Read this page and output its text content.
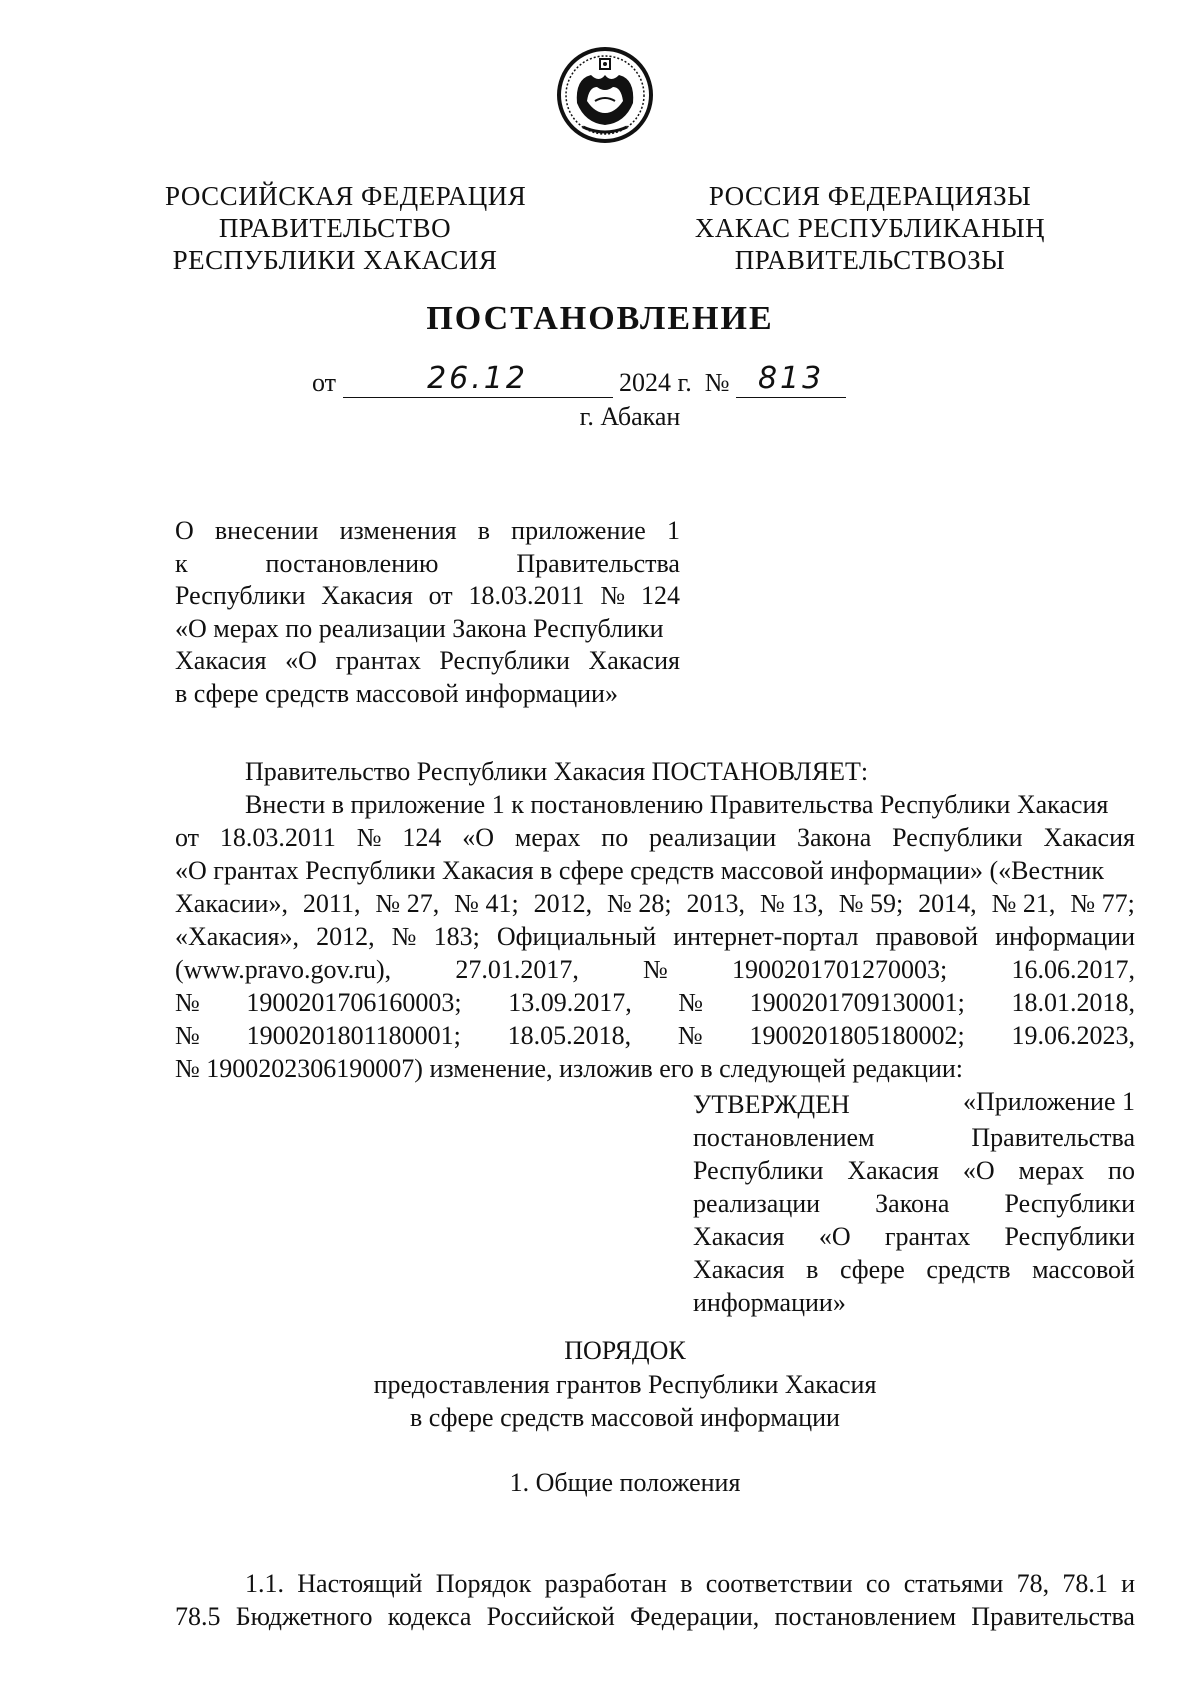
РОССИЙСКАЯ ФЕДЕРАЦИЯ
ПРАВИТЕЛЬСТВО
РЕСПУБЛИКИ ХАКАСИЯ
РОССИЯ ФЕДЕРАЦИЯЗЫ
ХАКАС РЕСПУБЛИКАНЫҢ
ПРАВИТЕЛЬСТВОЗЫ
ПОСТАНОВЛЕНИЕ
от	26.12	2024 г. № 813
г. Абакан
О внесении изменения в приложение 1
к	постановлению	Правительства
Республики Хакасия от 18.03.2011 № 124
«О мерах по реализации Закона Республики
Хакасия «О грантах Республики Хакасия
в сфере средств массовой информации»
Правительство Республики Хакасия ПОСТАНОВЛЯЕТ:
Внести в приложение 1 к постановлению Правительства Республики Хакасия
от 18.03.2011 № 124 «О мерах по реализации Закона Республики Хакасия
«О грантах Республики Хакасия в сфере средств массовой информации» («Вестник
Хакасии», 2011, № 27, № 41; 2012, № 28; 2013, № 13, № 59; 2014, № 21, № 77;
«Хакасия», 2012, № 183; Официальный интернет-портал правовой информации
(www.pravo.gov.ru), 27.01.2017, № 1900201701270003; 16.06.2017,
№ 1900201706160003; 13.09.2017, № 1900201709130001; 18.01.2018,
№ 1900201801180001; 18.05.2018, № 1900201805180002; 19.06.2023,
№ 1900202306190007) изменение, изложив его в следующей редакции:
«Приложение 1
УТВЕРЖДЕН
постановлением	Правительства
Республики Хакасия «О мерах по
реализации Закона Республики
Хакасия «О грантах Республики
Хакасия в сфере средств массовой
информации»
ПОРЯДОК
предоставления грантов Республики Хакасия
в сфере средств массовой информации
1. Общие положения
1.1. Настоящий Порядок разработан в соответствии со статьями 78, 78.1 и
78.5 Бюджетного кодекса Российской Федерации, постановлением Правительства
